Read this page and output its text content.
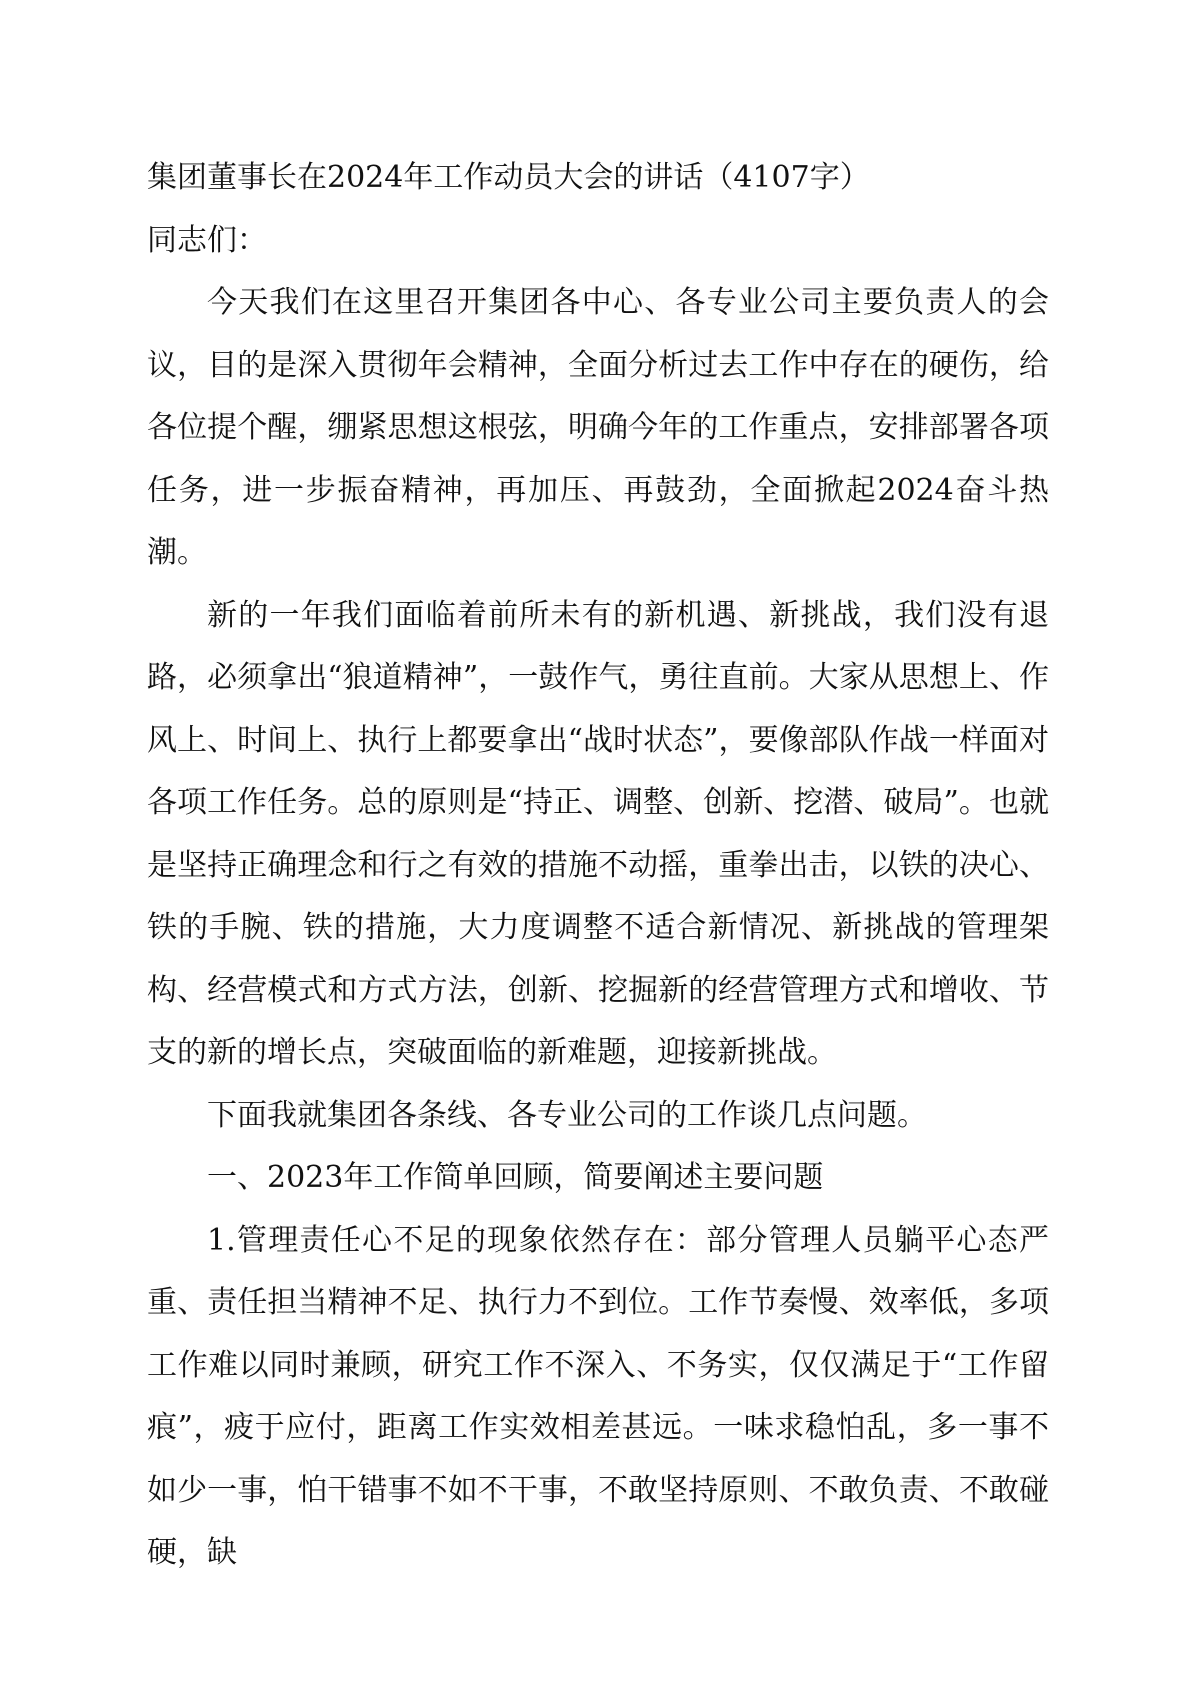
集团董事长在2024年工作动员大会的讲话（4107字）

同志们：

今天我们在这里召开集团各中心、各专业公司主要负责人的会议，目的是深入贯彻年会精神，全面分析过去工作中存在的硬伤，给各位提个醒，绷紧思想这根弦，明确今年的工作重点，安排部署各项任务，进一步振奋精神，再加压、再鼓劲，全面掀起2024奋斗热潮。

新的一年我们面临着前所未有的新机遇、新挑战，我们没有退路，必须拿出“狼道精神”，一鼓作气，勇往直前。大家从思想上、作风上、时间上、执行上都要拿出“战时状态”，要像部队作战一样面对各项工作任务。总的原则是“持正、调整、创新、挖潜、破局”。也就是坚持正确理念和行之有效的措施不动摇，重拳出击，以铁的决心、铁的手腕、铁的措施，大力度调整不适合新情况、新挑战的管理架构、经营模式和方式方法，创新、挖掘新的经营管理方式和增收、节支的新的增长点，突破面临的新难题，迎接新挑战。

下面我就集团各条线、各专业公司的工作谈几点问题。

一、2023年工作简单回顾，简要阐述主要问题

1.管理责任心不足的现象依然存在：部分管理人员躺平心态严重、责任担当精神不足、执行力不到位。工作节奏慢、效率低，多项工作难以同时兼顾，研究工作不深入、不务实，仅仅满足于“工作留痕”，疲于应付，距离工作实效相差甚远。一味求稳怕乱，多一事不如少一事，怕干错事不如不干事，不敢坚持原则、不敢负责、不敢碰硬，缺
